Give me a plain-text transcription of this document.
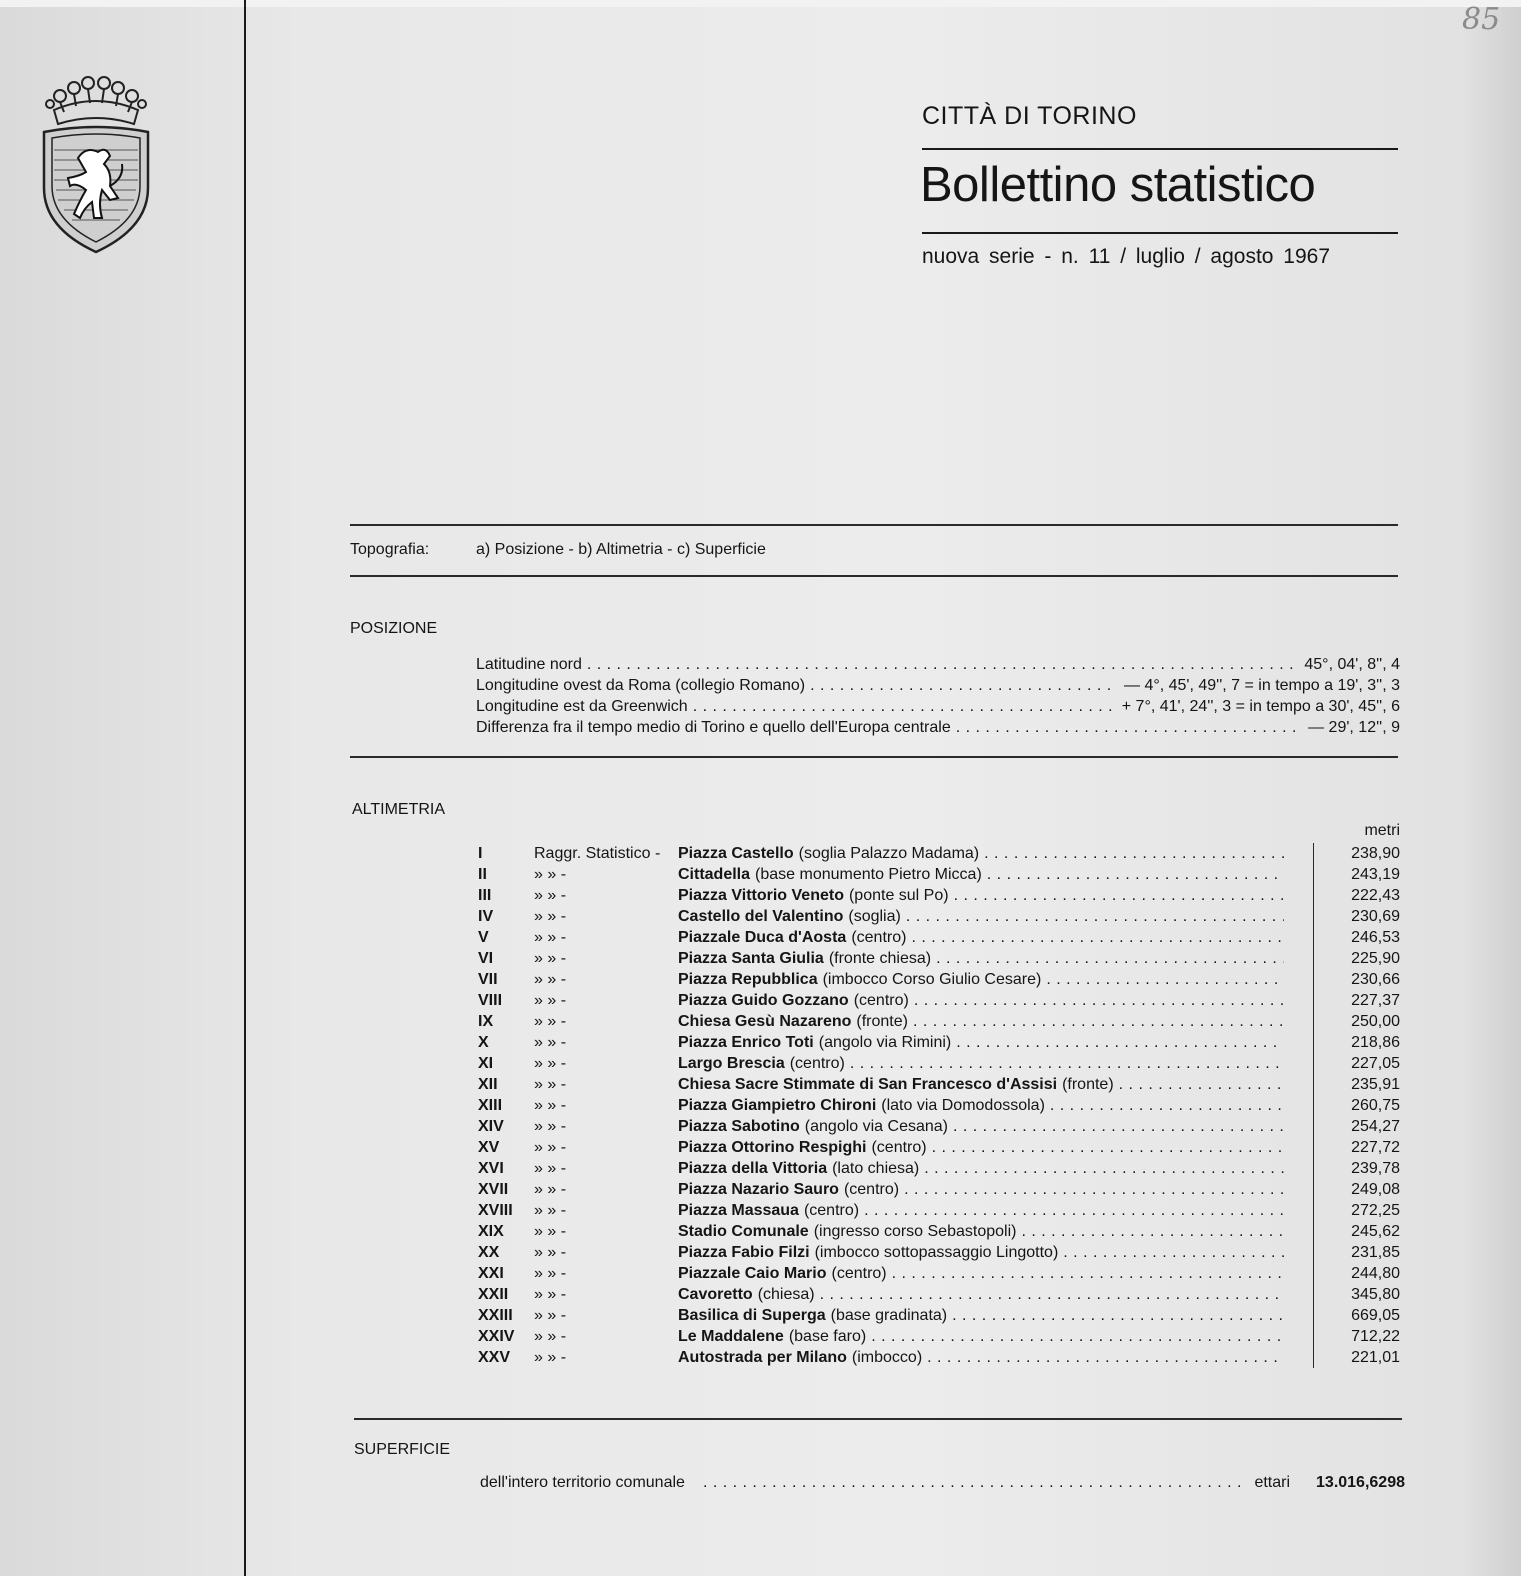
85
CITTÀ DI TORINO
Bollettino statistico
nuova serie - n. 11 / luglio / agosto 1967
Topografia:	a) Posizione - b) Altimetria - c) Superficie
POSIZIONE
Latitudine nord . . .	45°, 04', 8'', 4
Longitudine ovest da Roma (collegio Romano) . . .	— 4°, 45', 49'', 7 = in tempo a 19', 3'', 3
Longitudine est da Greenwich . . .	+ 7°, 41', 24'', 3 = in tempo a 30', 45'', 6
Differenza fra il tempo medio di Torino e quello dell'Europa centrale . . .	— 29', 12'', 9
ALTIMETRIA
metri
I	Raggr. Statistico - Piazza Castello (soglia Palazzo Madama) . . .	238,90
II	» » -	Cittadella (base monumento Pietro Micca) . . .	243,19
III	» » -	Piazza Vittorio Veneto (ponte sul Po) . . .	222,43
IV	» » -	Castello del Valentino (soglia) . . .	230,69
V	» » -	Piazzale Duca d'Aosta (centro) . . .	246,53
VI	» » -	Piazza Santa Giulia (fronte chiesa) . . .	225,90
VII » » -	Piazza Repubblica (imbocco Corso Giulio Cesare) . . .	230,66
VIII » » -	Piazza Guido Gozzano (centro) . . .	227,37
IX	» » -	Chiesa Gesù Nazareno (fronte) . . .	250,00
X	» » -	Piazza Enrico Toti (angolo via Rimini) . . .	218,86
XI	» » -	Largo Brescia (centro) . . .	227,05
XII » » -	Chiesa Sacre Stimmate di San Francesco d'Assisi (fronte) . . .	235,91
XIII » » -	Piazza Giampietro Chironi (lato via Domodossola) . . .	260,75
XIV » » -	Piazza Sabotino (angolo via Cesana) . . .	254,27
XV » » -	Piazza Ottorino Respighi (centro) . . .	227,72
XVI » » -	Piazza della Vittoria (lato chiesa) . . .	239,78
XVII » » -	Piazza Nazario Sauro (centro) . . .	249,08
XVIII » » -	Piazza Massaua (centro) . . .	272,25
XIX » » -	Stadio Comunale (ingresso corso Sebastopoli) . . .	245,62
XX » » -	Piazza Fabio Filzi (imbocco sottopassaggio Lingotto) . . .	231,85
XXI » » -	Piazzale Caio Mario (centro) . . .	244,80
XXII » » -	Cavoretto (chiesa) . . .	345,80
XXIII » » -	Basilica di Superga (base gradinata) . . .	669,05
XXIV » » -	Le Maddalene (base faro) . . .	712,22
XXV » » -	Autostrada per Milano (imbocco) . . .	221,01
SUPERFICIE
dell'intero territorio comunale . . .	ettari	13.016,6298
